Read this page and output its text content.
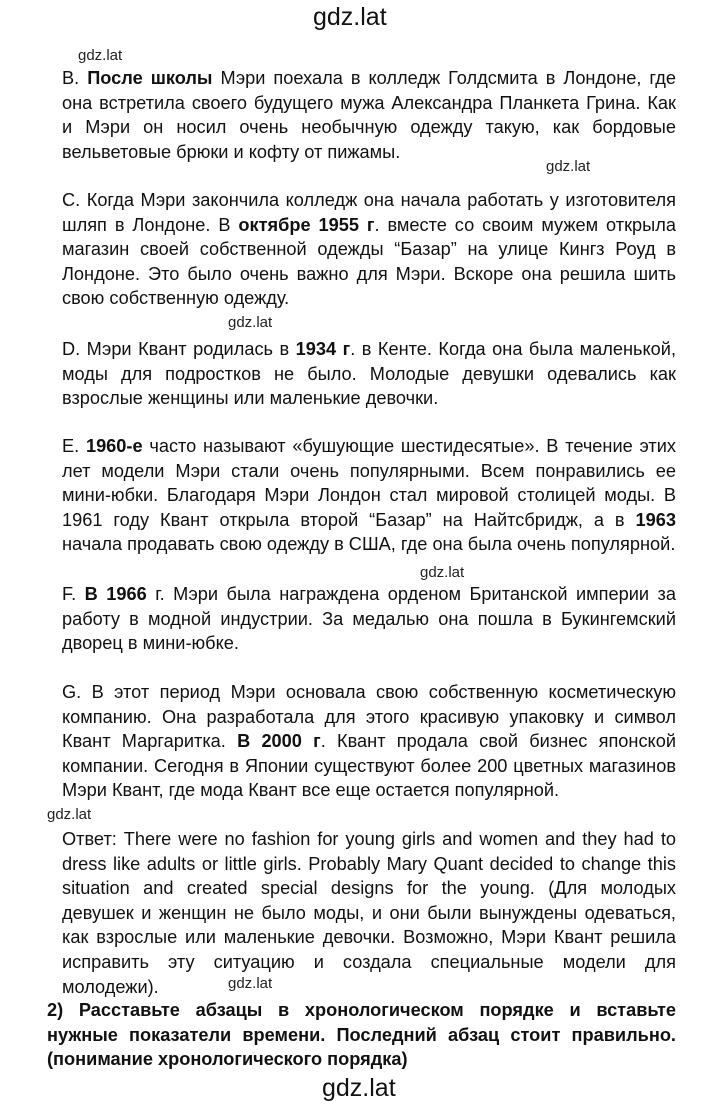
gdz.lat
gdz.lat

B. После школы Мэри поехала в колледж Голдсмита в Лондоне, где она встретила своего будущего мужа Александра Планкета Грина. Как и Мэри он носил очень необычную одежду такую, как бордовые вельветовые брюки и кофту от пижамы.

gdz.lat

C. Когда Мэри закончила колледж она начала работать у изготовителя шляп в Лондоне. В октябре 1955 г. вместе со своим мужем открыла магазин своей собственной одежды “Базар” на улице Кингз Роуд в Лондоне. Это было очень важно для Мэри. Вскоре она решила шить свою собственную одежду.

gdz.lat

D. Мэри Квант родилась в 1934 г. в Кенте. Когда она была маленькой, моды для подростков не было. Молодые девушки одевались как взрослые женщины или маленькие девочки.

E. 1960-е часто называют «бушующие шестидесятые». В течение этих лет модели Мэри стали очень популярными. Всем понравились ее мини-юбки. Благодаря Мэри Лондон стал мировой столицей моды. В 1961 году Квант открыла второй “Базар” на Найтсбридж, а в 1963 начала продавать свою одежду в США, где она была очень популярной.

gdz.lat

F. В 1966 г. Мэри была награждена орденом Британской империи за работу в модной индустрии. За медалью она пошла в Букингемский дворец в мини-юбке.

G. В этот период Мэри основала свою собственную косметическую компанию. Она разработала для этого красивую упаковку и символ Квант Маргаритка. В 2000 г. Квант продала свой бизнес японской компании. Сегодня в Японии существуют более 200 цветных магазинов Мэри Квант, где мода Квант все еще остается популярной.

gdz.lat

Ответ: There were no fashion for young girls and women and they had to dress like adults or little girls. Probably Mary Quant decided to change this situation and created special designs for the young. (Для молодых девушек и женщин не было моды, и они были вынуждены одеваться, как взрослые или маленькие девочки. Возможно, Мэри Квант решила исправить эту ситуацию и создала специальные модели для молодежи).	gdz.lat

2) Расставьте абзацы в хронологическом порядке и вставьте нужные показатели времени. Последний абзац стоит правильно. (понимание хронологического порядка)

gdz.lat
